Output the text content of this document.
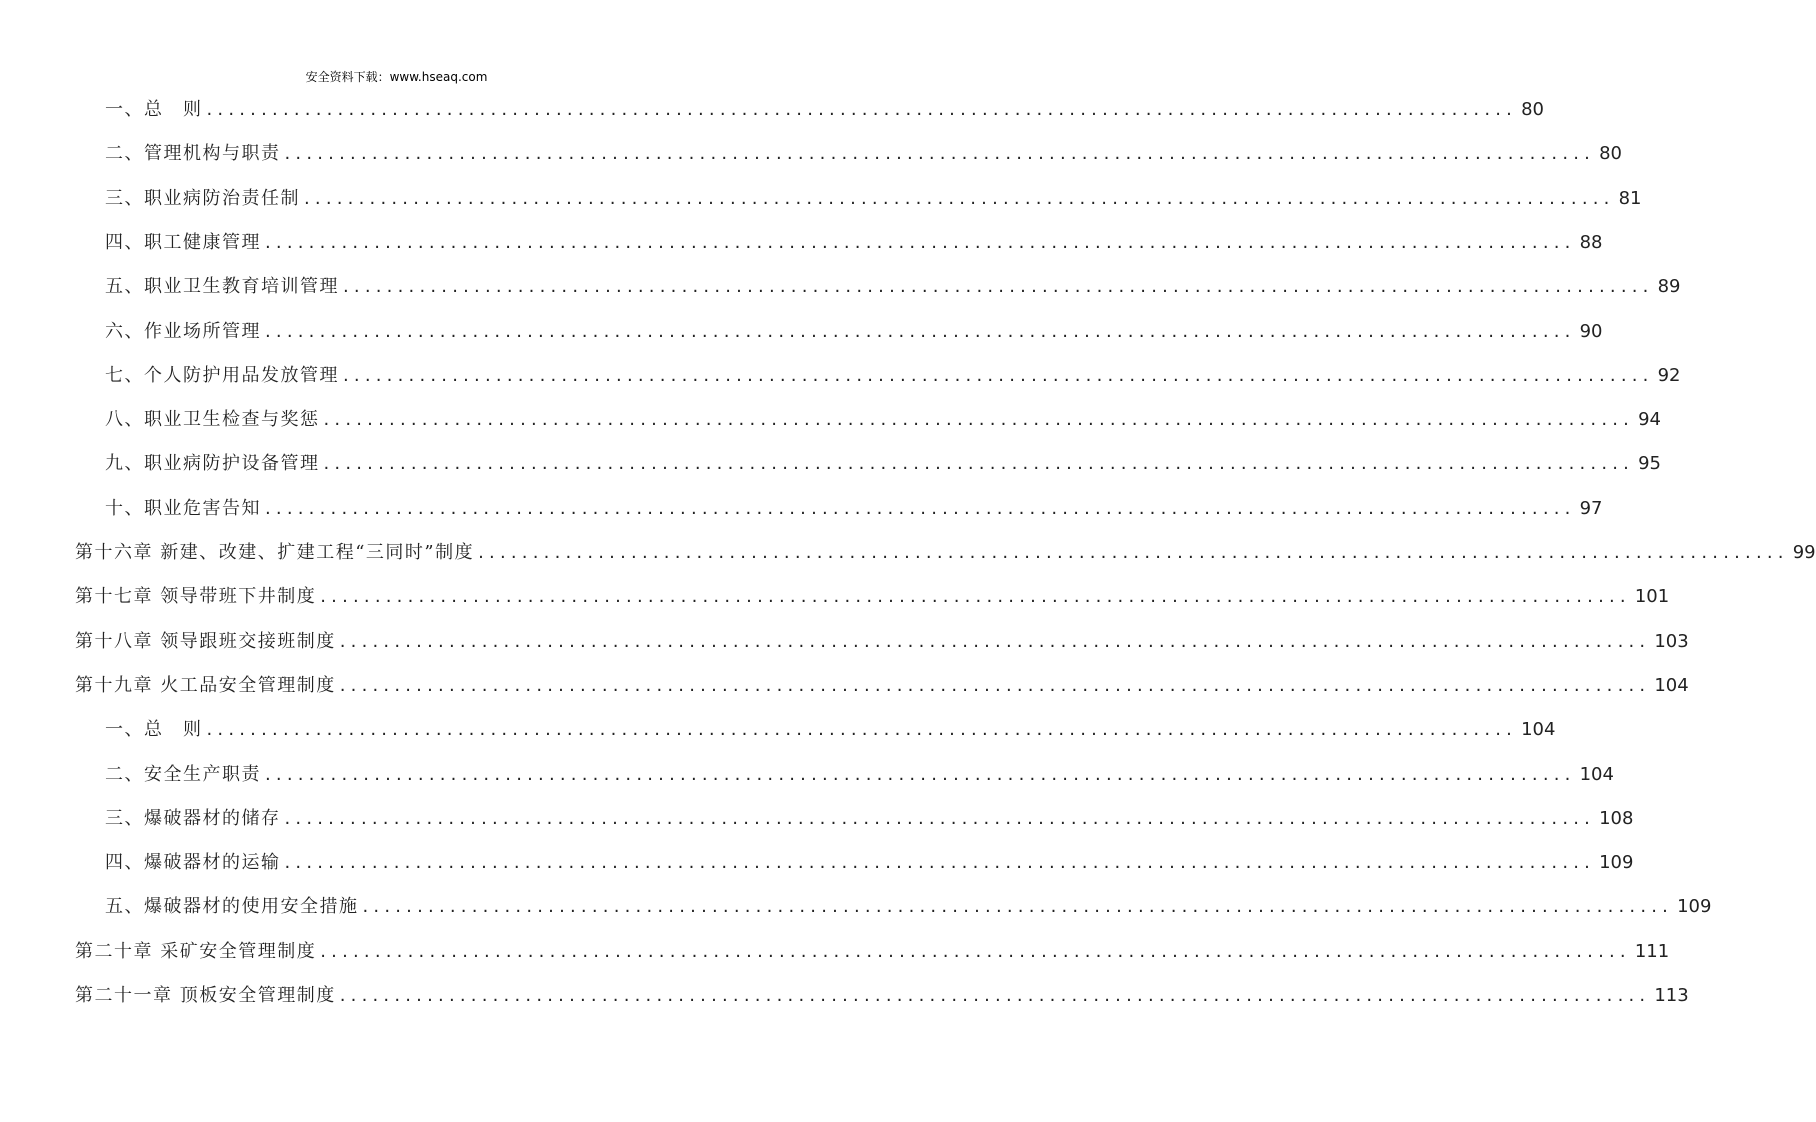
安全资料下载：www.hseaq.com
一、总　则 ........................................................................................................................ 80
二、管理机构与职责 ........................................................................................................................ 80
三、职业病防治责任制 ........................................................................................................................ 81
四、职工健康管理 ........................................................................................................................ 88
五、职业卫生教育培训管理 ........................................................................................................................ 89
六、作业场所管理 ........................................................................................................................ 90
七、个人防护用品发放管理 ........................................................................................................................ 92
八、职业卫生检查与奖惩 ........................................................................................................................ 94
九、职业病防护设备管理 ........................................................................................................................ 95
十、职业危害告知 ........................................................................................................................ 97
第十六章 新建、改建、扩建工程“三同时”制度 ........................................................................................................................ 99
第十七章 领导带班下井制度 ........................................................................................................................ 101
第十八章 领导跟班交接班制度 ........................................................................................................................ 103
第十九章 火工品安全管理制度 ........................................................................................................................ 104
一、总　则 ........................................................................................................................ 104
二、安全生产职责 ........................................................................................................................ 104
三、爆破器材的储存 ........................................................................................................................ 108
四、爆破器材的运输 ........................................................................................................................ 109
五、爆破器材的使用安全措施 ........................................................................................................................ 109
第二十章 采矿安全管理制度 ........................................................................................................................ 111
第二十一章 顶板安全管理制度 ........................................................................................................................ 113
